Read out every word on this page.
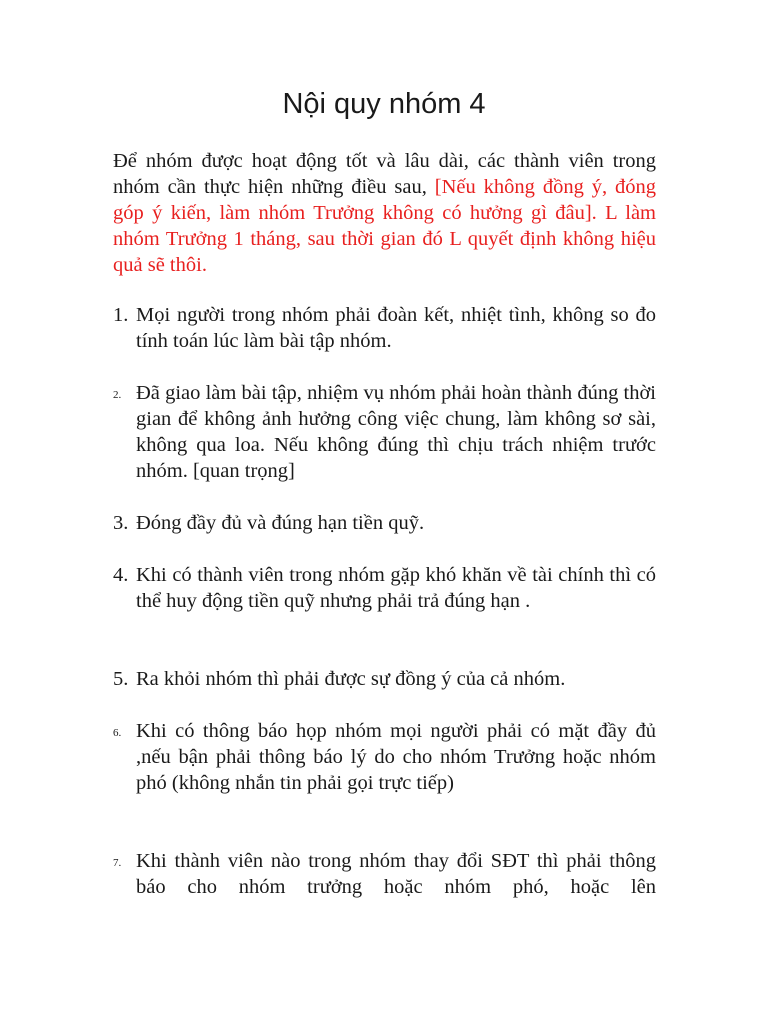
Nội quy nhóm 4

Để nhóm được hoạt động tốt và lâu dài, các thành viên trong nhóm cần thực hiện những điều sau, [Nếu không đồng ý, đóng góp ý kiến, làm nhóm Trưởng không có hưởng gì đâu]. L làm nhóm Trưởng 1 tháng, sau thời gian đó L quyết định không hiệu quả sẽ thôi.

1. Mọi người trong nhóm phải đoàn kết, nhiệt tình, không so đo tính toán lúc làm bài tập nhóm.
2. Đã giao làm bài tập, nhiệm vụ nhóm phải hoàn thành đúng thời gian để không ảnh hưởng công việc chung, làm không sơ sài, không qua loa. Nếu không đúng thì chịu trách nhiệm trước nhóm. [quan trọng]
3. Đóng đầy đủ và đúng hạn tiền quỹ.
4. Khi có thành viên trong nhóm gặp khó khăn về tài chính thì có thể huy động tiền quỹ nhưng phải trả đúng hạn .
5. Ra khỏi nhóm thì phải được sự đồng ý của cả nhóm.
6. Khi có thông báo họp nhóm mọi người phải có mặt đầy đủ ,nếu bận phải thông báo lý do cho nhóm Trưởng hoặc nhóm phó (không nhắn tin phải gọi trực tiếp)
7. Khi thành viên nào trong nhóm thay đổi SĐT thì phải thông báo cho nhóm trưởng hoặc nhóm phó, hoặc lên
